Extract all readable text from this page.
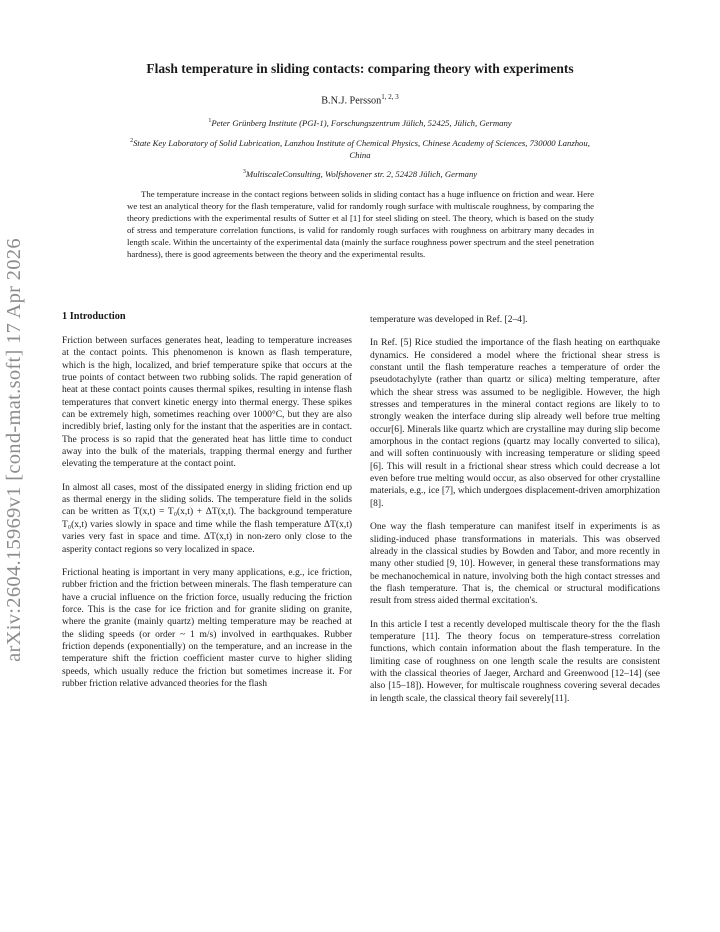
arXiv:2604.15969v1 [cond-mat.soft] 17 Apr 2026
Flash temperature in sliding contacts: comparing theory with experiments
B.N.J. Persson$^{1, 2, 3}$

$^1$Peter Grünberg Institute (PGI-1), Forschungszentrum Jülich, 52425, Jülich, Germany

$^2$State Key Laboratory of Solid Lubrication, Lanzhou Institute of Chemical Physics, Chinese Academy of Sciences, 730000 Lanzhou, China

$^3$MultiscaleConsulting, Wolfshovener str. 2, 52428 Jülich, Germany

The temperature increase in the contact regions between solids in sliding contact has a huge influence on friction and wear. Here we test an analytical theory for the flash temperature, valid for randomly rough surface with multiscale roughness, by comparing the theory predictions with the experimental results of Sutter et al [1] for steel sliding on steel. The theory, which is based on the study of stress and temperature correlation functions, is valid for randomly rough surfaces with roughness on arbitrary many decades in length scale. Within the uncertainty of the experimental data (mainly the surface roughness power spectrum and the steel penetration hardness), there is good agreements between the theory and the experimental results.

1 Introduction

Friction between surfaces generates heat, leading to temperature increases at the contact points. This phenomenon is known as flash temperature, which is the high, localized, and brief temperature spike that occurs at the true points of contact between two rubbing solids. The rapid generation of heat at these contact points causes thermal spikes, resulting in intense flash temperatures that convert kinetic energy into thermal energy. These spikes can be extremely high, sometimes reaching over 1000°C, but they are also incredibly brief, lasting only for the instant that the asperities are in contact. The process is so rapid that the generated heat has little time to conduct away into the bulk of the materials, trapping thermal energy and further elevating the temperature at the contact point.

In almost all cases, most of the dissipated energy in sliding friction end up as thermal energy in the sliding solids. The temperature field in the solids can be written as T(x,t) = T₀(x,t) + ΔT(x,t). The background temperature T₀(x,t) varies slowly in space and time while the flash temperature ΔT(x,t) varies very fast in space and time. ΔT(x,t) in non-zero only close to the asperity contact regions so very localized in space.

Frictional heating is important in very many applications, e.g., ice friction, rubber friction and the friction between minerals. The flash temperature can have a crucial influence on the friction force, usually reducing the friction force. This is the case for ice friction and for granite sliding on granite, where the granite (mainly quartz) melting temperature may be reached at the sliding speeds (or order ~ 1 m/s) involved in earthquakes. Rubber friction depends (exponentially) on the temperature, and an increase in the temperature shift the friction coefficient master curve to higher sliding speeds, which usually reduce the friction but sometimes increase it. For rubber friction relative advanced theories for the flash

temperature was developed in Ref. [2–4].

In Ref. [5] Rice studied the importance of the flash heating on earthquake dynamics. He considered a model where the frictional shear stress is constant until the flash temperature reaches a temperature of order the pseudotachylyte (rather than quartz or silica) melting temperature, after which the shear stress was assumed to be negligible. However, the high stresses and temperatures in the mineral contact regions are likely to to strongly weaken the interface during slip already well before true melting occur[6]. Minerals like quartz which are crystalline may during slip become amorphous in the contact regions (quartz may locally converted to silica), and will soften continuously with increasing temperature or sliding speed [6]. This will result in a frictional shear stress which could decrease a lot even before true melting would occur, as also observed for other crystalline materials, e.g., ice [7], which undergoes displacement-driven amorphization [8].

One way the flash temperature can manifest itself in experiments is as sliding-induced phase transformations in materials. This was observed already in the classical studies by Bowden and Tabor, and more recently in many other studied [9, 10]. However, in general these transformations may be mechanochemical in nature, involving both the high contact stresses and the flash temperature. That is, the chemical or structural modifications result from stress aided thermal excitation's.

In this article I test a recently developed multiscale theory for the the flash temperature [11]. The theory focus on temperature-stress correlation functions, which contain information about the flash temperature. In the limiting case of roughness on one length scale the results are consistent with the classical theories of Jaeger, Archard and Greenwood [12–14] (see also [15–18]). However, for multiscale roughness covering several decades in length scale, the classical theory fail severely[11].
